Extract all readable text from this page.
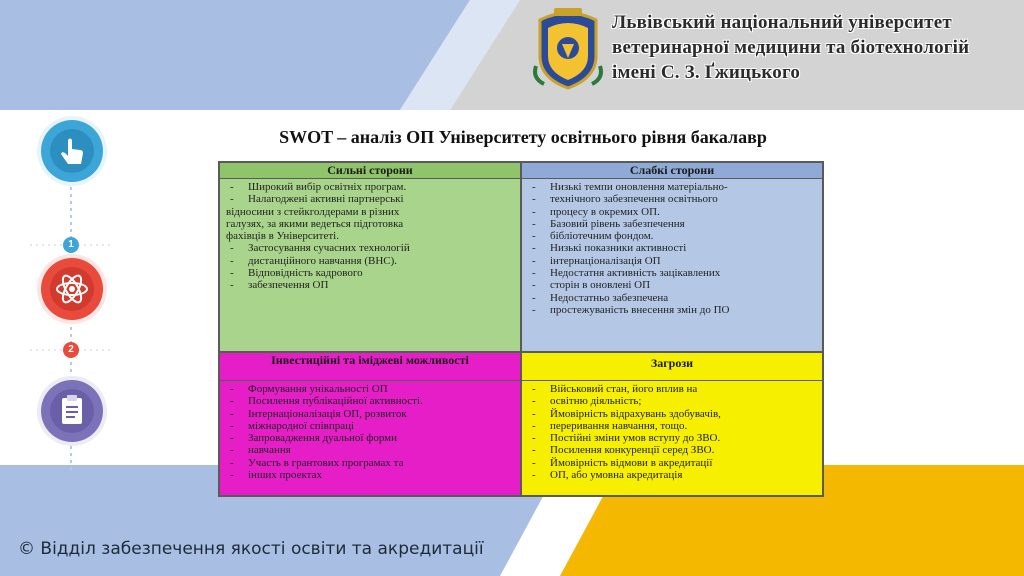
Львівський національний університет
ветеринарної медицини та біотехнологій
імені С. З. Ґжицького
1
2
SWOT – аналіз ОП Університету освітнього рівня бакалавр
Сильні сторони
- Широкий вибір освітніх програм.
- Налагоджені активні партнерські
відносини з стейкголдерами в різних
галузях, за якими ведеться підготовка
фахівців в Університеті.
- Застосування сучасних технологій
- дистанційного навчання (ВНС).
- Відповідність кадрового
- забезпечення ОП
Слабкі сторони
- Низькі темпи оновлення матеріально-
- технічного забезпечення освітнього
- процесу в окремих ОП.
- Базовий рівень забезпечення
- бібліотечним фондом.
- Низькі показники активності
- інтернаціоналізація ОП
- Недостатня активність зацікавлених
- сторін в оновлені ОП
- Недостатньо забезпечена
- простежуваність внесення змін до ПО
Інвестиційні та іміджеві можливості
- Формування унікальності ОП
- Посилення публікаційної активності.
- Інтернаціоналізація ОП, розвиток
- міжнародної співпраці
- Запровадження дуальної форми
- навчання
- Участь в грантових програмах та
- інших проектах
Загрози
- Військовий стан, його вплив на
- освітню діяльність;
- Ймовірність відрахувань здобувачів,
- переривання навчання, тощо.
- Постійні зміни умов вступу до ЗВО.
- Посилення конкуренції серед ЗВО.
- Ймовірність відмови в акредитації
- ОП, або умовна акредитація
© Відділ забезпечення якості освіти та акредитації
